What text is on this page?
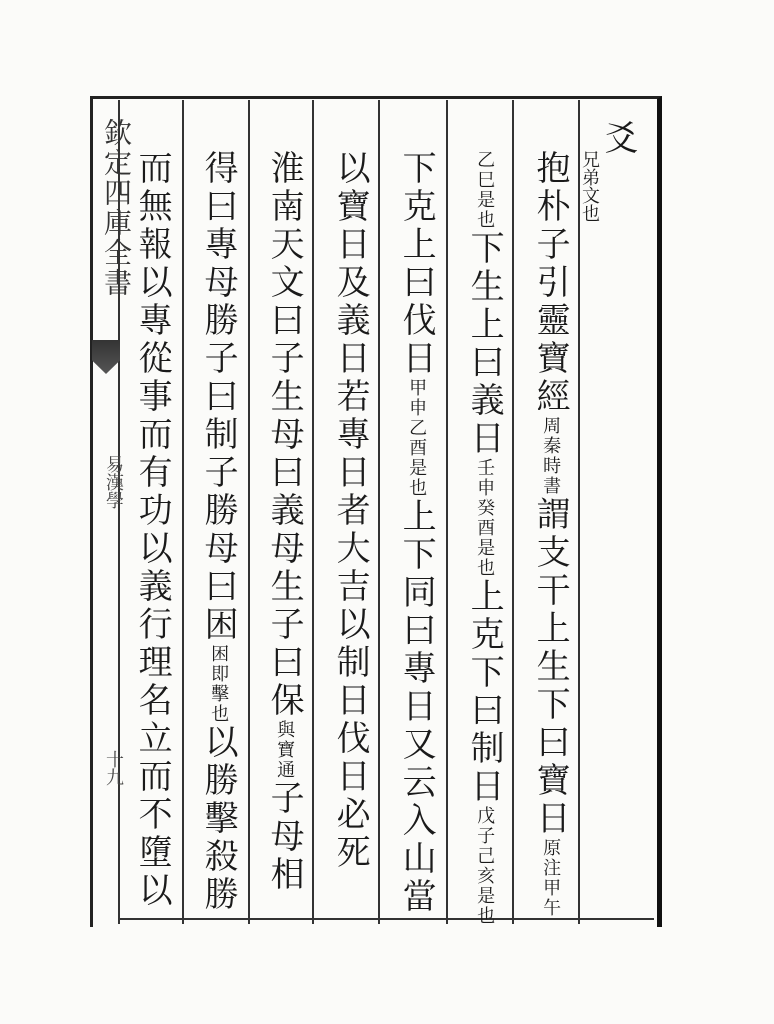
欽定四庫全書
易漢學
十九
爻
兄弟文也
抱朴子引靈寶經周秦時書謂支干上生下曰寶日原注甲午
乙巳是也下生上曰義日壬申癸酉是也上克下曰制日戊子己亥是也
下克上曰伐日甲申乙酉是也上下同曰專日又云入山當
以寶日及義日若專日者大吉以制日伐日必死
淮南天文曰子生母曰義母生子曰保與寶通子母相
得曰專母勝子曰制子勝母曰困困即擊也以勝擊殺勝
而無報以專從事而有功以義行理名立而不墮以
